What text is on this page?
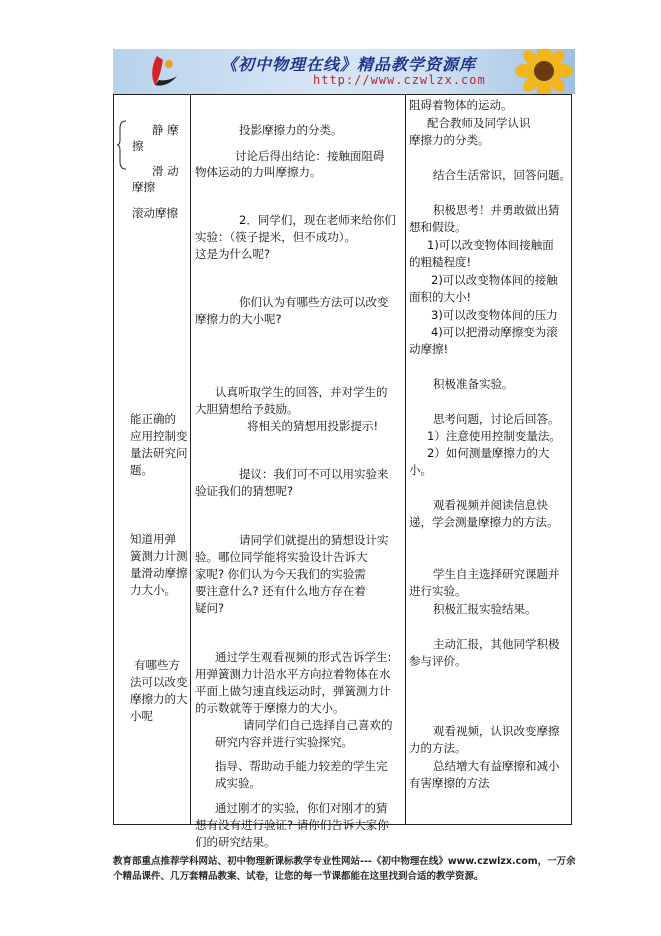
《初中物理在线》精品教学资源库
http://www.czwlzx.com
静 摩
擦
滑 动
摩擦
滚动摩擦
能正确的
应用控制变
量法研究问
题。
知道用弹
簧测力计测
量滑动摩擦
力大小。
有哪些方
法可以改变
摩擦力的大
小呢
投影摩擦力的分类。
讨论后得出结论：接触面阻碍
物体运动的力叫摩擦力。
2．同学们，现在老师来给你们
实验：（筷子提米，但不成功）。
这是为什么呢?
你们认为有哪些方法可以改变
摩擦力的大小呢?
认真听取学生的回答，并对学生的
大胆猜想给予鼓励。
将相关的猜想用投影提示!
提议：我们可不可以用实验来
验证我们的猜想呢?
请同学们就提出的猜想设计实
验。哪位同学能将实验设计告诉大
家呢? 你们认为今天我们的实验需
要注意什么? 还有什么地方存在着
疑问?
通过学生观看视频的形式告诉学生:
用弹簧测力计沿水平方向拉着物体在水
平面上做匀速直线运动时，弹簧测力计
的示数就等于摩擦力的大小。
请同学们自己选择自己喜欢的
研究内容并进行实验探究。
指导、帮助动手能力较差的学生完
成实验。
通过刚才的实验，你们对刚才的猜
想有没有进行验证? 请你们告诉大家你
们的研究结果。
阻碍着物体的运动。
配合教师及同学认识
摩擦力的分类。
结合生活常识，回答问题。
积极思考！并勇敢做出猜
想和假设。
1)可以改变物体间接触面
的粗糙程度!
2)可以改变物体间的接触
面积的大小!
3)可以改变物体间的压力
4)可以把滑动摩擦变为滚
动摩擦!
积极准备实验。
思考问题，讨论后回答。
1）注意使用控制变量法。
2）如何测量摩擦力的大
小。
观看视频并阅读信息快
递，学会测量摩擦力的方法。
学生自主选择研究课题并
进行实验。
积极汇报实验结果。
主动汇报，其他同学积极
参与评价。
观看视频，认识改变摩擦
力的方法。
总结增大有益摩擦和减小
有害摩擦的方法
教育部重点推荐学科网站、初中物理新课标教学专业性网站---《初中物理在线》www.czwlzx.com，一万余
个精品课件、几万套精品教案、试卷，让您的每一节课都能在这里找到合适的教学资源。
